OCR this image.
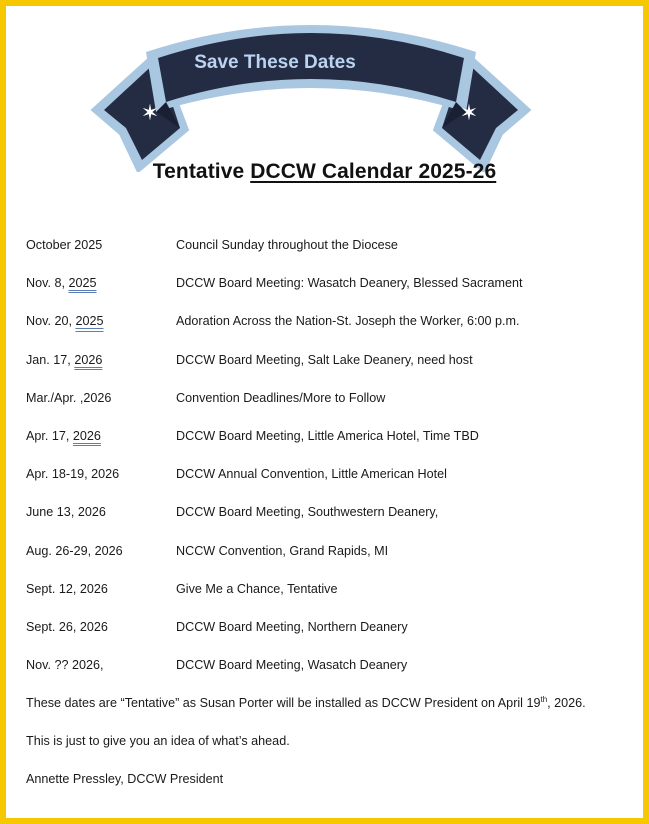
✶	✶
Save These Dates
Tentative DCCW Calendar 2025-26
October 2025	Council Sunday throughout the Diocese
Nov. 8, 2025	DCCW Board Meeting: Wasatch Deanery, Blessed Sacrament
Nov. 20, 2025	Adoration Across the Nation-St. Joseph the Worker, 6:00 p.m.
Jan. 17, 2026	DCCW Board Meeting, Salt Lake Deanery, need host
Mar./Apr. ,2026	Convention Deadlines/More to Follow
Apr. 17, 2026	DCCW Board Meeting, Little America Hotel, Time TBD
Apr. 18-19, 2026	DCCW Annual Convention, Little American Hotel
June 13, 2026	DCCW Board Meeting, Southwestern Deanery,
Aug. 26-29, 2026	NCCW Convention, Grand Rapids, MI
Sept. 12, 2026	Give Me a Chance, Tentative
Sept. 26, 2026	DCCW Board Meeting, Northern Deanery
Nov. ?? 2026,	DCCW Board Meeting, Wasatch Deanery
These dates are “Tentative” as Susan Porter will be installed as DCCW President on April 19th, 2026.
This is just to give you an idea of what’s ahead.
Annette Pressley, DCCW President
